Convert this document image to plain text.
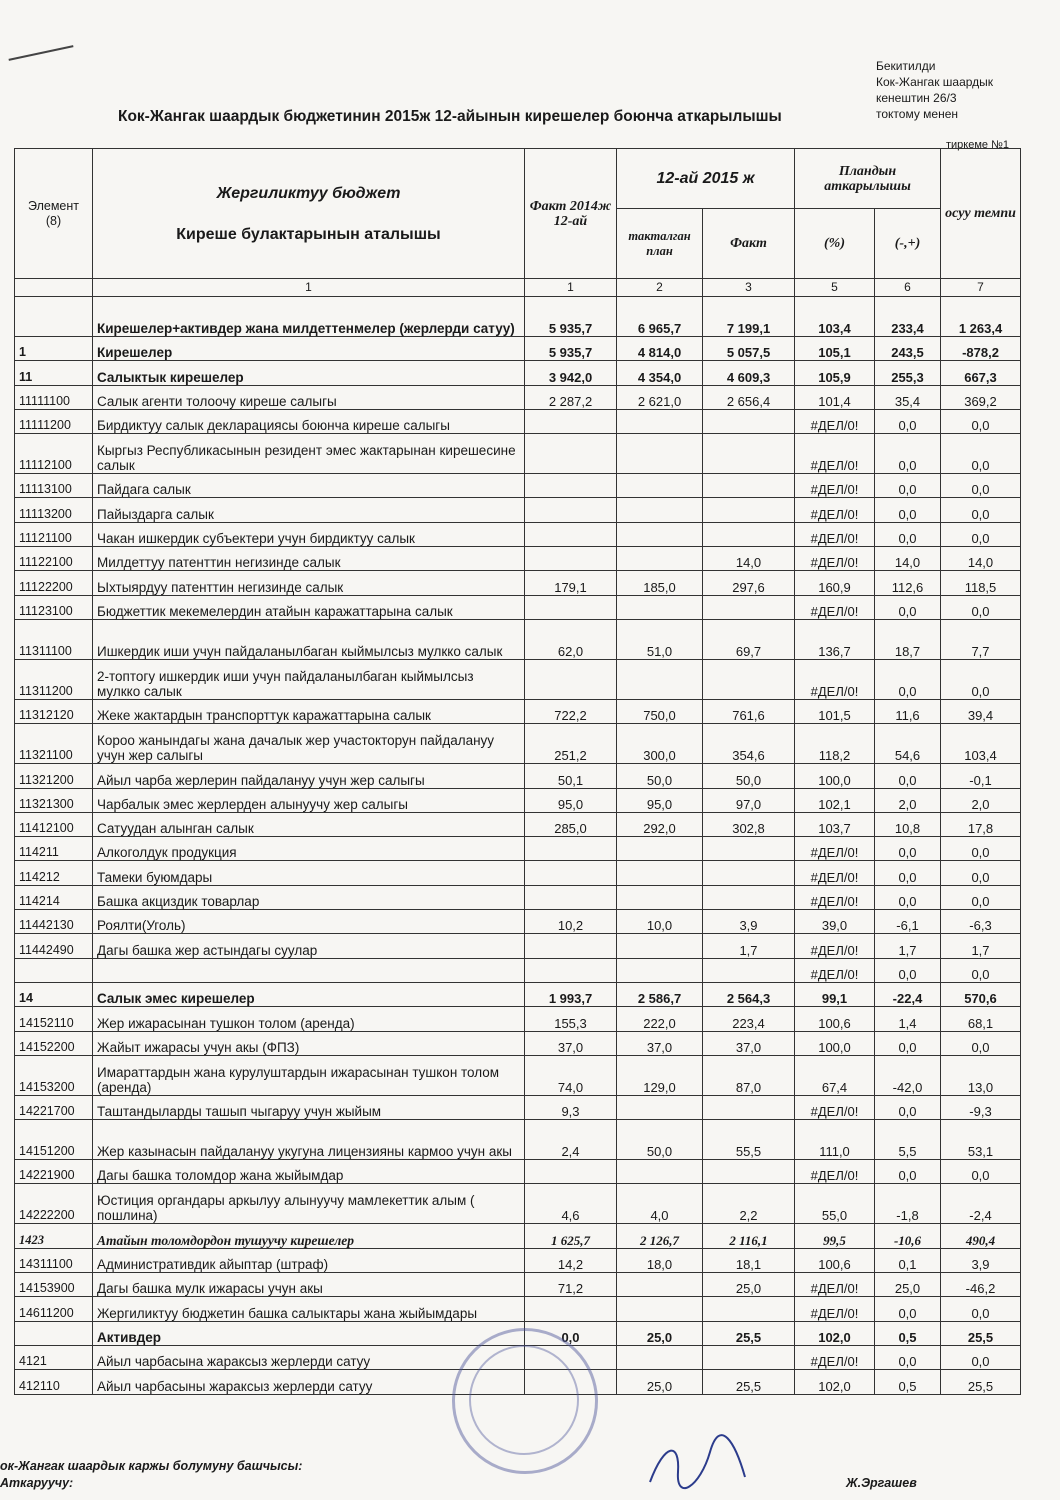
Бекитилди
Кок-Жангак шаардык
кенештин 26/3
токтому менен
Кок-Жангак шаардык бюджетинин 2015ж 12-айынын кирешелер боюнча аткарылышы
тиркеме №1
Элемент (8)	Жергиликтуу бюджет
Киреше булактарынын аталышы	Факт 2014ж 12-ай	12-ай 2015 ж		Пландын аткарылышы		осуу темпи
			такталган план	Факт	(%)	(-,+)	
	1	1	2	3	5	6	7
	Кирешелер+активдер жана милдеттенмелер (жерлерди сатуу)	5 935,7	6 965,7	7 199,1	103,4	233,4	1 263,4
1	Кирешелер	5 935,7	4 814,0	5 057,5	105,1	243,5	-878,2
11	Салыктык кирешелер	3 942,0	4 354,0	4 609,3	105,9	255,3	667,3
11111100	Салык агенти толоочу киреше салыгы	2 287,2	2 621,0	2 656,4	101,4	35,4	369,2
11111200	Бирдиктуу салык декларациясы боюнча киреше салыгы				#ДЕЛ/0!	0,0	0,0
11112100	Кыргыз Республикасынын резидент эмес жактарынан кирешесине салык				#ДЕЛ/0!	0,0	0,0
11113100	Пайдага салык				#ДЕЛ/0!	0,0	0,0
11113200	Пайыздарга салык				#ДЕЛ/0!	0,0	0,0
11121100	Чакан ишкердик субъектери учун бирдиктуу салык				#ДЕЛ/0!	0,0	0,0
11122100	Милдеттуу патенттин негизинде салык			14,0	#ДЕЛ/0!	14,0	14,0
11122200	Ыхтыярдуу патенттин негизинде салык	179,1	185,0	297,6	160,9	112,6	118,5
11123100	Бюджеттик мекемелердин атайын каражаттарына салык				#ДЕЛ/0!	0,0	0,0
11311100	Ишкердик иши учун пайдаланылбаган кыймылсыз мулкко салык	62,0	51,0	69,7	136,7	18,7	7,7
11311200	2-топтогу ишкердик иши учун пайдаланылбаган кыймылсыз мулкко салык				#ДЕЛ/0!	0,0	0,0
11312120	Жеке жактардын транспорттук каражаттарына салык	722,2	750,0	761,6	101,5	11,6	39,4
11321100	Короо жанындагы жана дачалык жер участокторун пайдалануу учун жер салыгы	251,2	300,0	354,6	118,2	54,6	103,4
11321200	Айыл чарба жерлерин пайдалануу учун жер салыгы	50,1	50,0	50,0	100,0	0,0	-0,1
11321300	Чарбалык эмес жерлерден алынуучу жер салыгы	95,0	95,0	97,0	102,1	2,0	2,0
11412100	Сатуудан алынган салык	285,0	292,0	302,8	103,7	10,8	17,8
114211	Алкоголдук продукция				#ДЕЛ/0!	0,0	0,0
114212	Тамеки буюмдары				#ДЕЛ/0!	0,0	0,0
114214	Башка акциздик товарлар				#ДЕЛ/0!	0,0	0,0
11442130	Роялти(Уголь)	10,2	10,0	3,9	39,0	-6,1	-6,3
11442490	Дагы башка жер астындагы суулар			1,7	#ДЕЛ/0!	1,7	1,7
					#ДЕЛ/0!	0,0	0,0
14	Салык эмес кирешелер	1 993,7	2 586,7	2 564,3	99,1	-22,4	570,6
14152110	Жер ижарасынан тушкон толом (аренда)	155,3	222,0	223,4	100,6	1,4	68,1
14152200	Жайыт ижарасы учун акы (ФПЗ)	37,0	37,0	37,0	100,0	0,0	0,0
14153200	Имараттардын жана курулуштардын ижарасынан тушкон толом (аренда)	74,0	129,0	87,0	67,4	-42,0	13,0
14221700	Таштандыларды ташып чыгаруу учун жыйым	9,3			#ДЕЛ/0!	0,0	-9,3
14151200	Жер казынасын пайдалануу укугуна лицензияны кармоо учун акы	2,4	50,0	55,5	111,0	5,5	53,1
14221900	Дагы башка толомдор жана жыйымдар				#ДЕЛ/0!	0,0	0,0
14222200	Юстиция органдары аркылуу алынуучу мамлекеттик алым ( пошлина)	4,6	4,0	2,2	55,0	-1,8	-2,4
1423	Атайын толомдордон тушуучу кирешелер	1 625,7	2 126,7	2 116,1	99,5	-10,6	490,4
14311100	Административдик айыптар (штраф)	14,2	18,0	18,1	100,6	0,1	3,9
14153900	Дагы башка мулк ижарасы учун акы	71,2		25,0	#ДЕЛ/0!	25,0	-46,2
14611200	Жергиликтуу бюджетин башка салыктары жана жыйымдары				#ДЕЛ/0!	0,0	0,0
	Активдер	0,0	25,0	25,5	102,0	0,5	25,5
4121	Айыл чарбасына жараксыз жерлерди сатуу				#ДЕЛ/0!	0,0	0,0
412110	Айыл чарбасыны жараксыз жерлерди сатуу		25,0	25,5	102,0	0,5	25,5
ок-Жангак шаардык каржы болумуну башчысы:
Аткаруучу:	Ж.Эргашев
